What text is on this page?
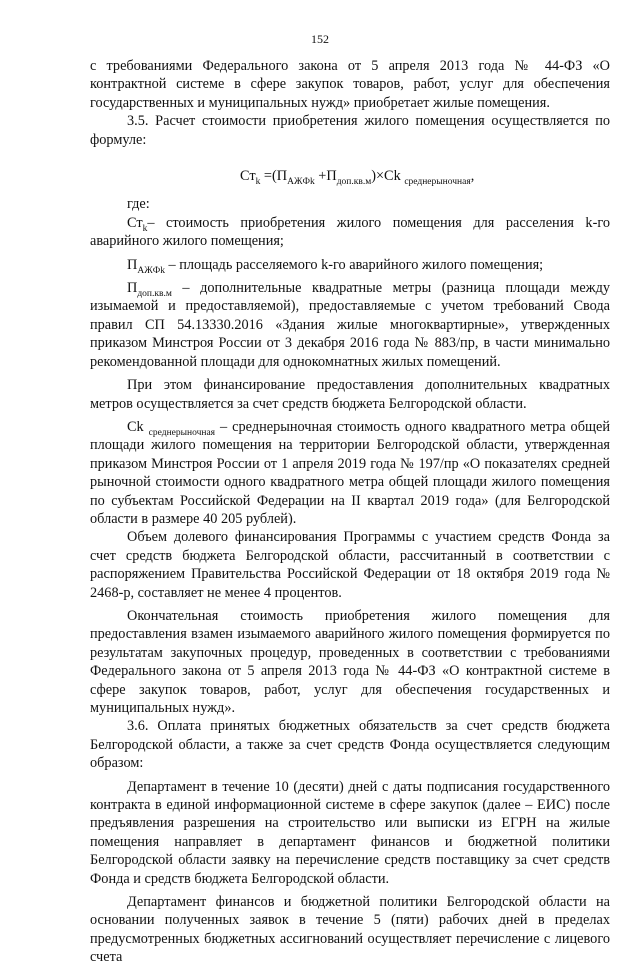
152

с требованиями Федерального закона от 5 апреля 2013 года № 44-ФЗ «О контрактной системе в сфере закупок товаров, работ, услуг для обеспечения государственных и муниципальных нужд» приобретает жилые помещения.

3.5. Расчет стоимости приобретения жилого помещения осуществляется по формуле:

$Ст_k =(П_{АЖФk} +П_{доп.кв.м})\times Ck$ $_{среднерыночная}$,

где:

$Ст_k-$ стоимость приобретения жилого помещения для расселения k-го аварийного жилого помещения;

$П_{АЖФk}$ – площадь расселяемого k-го аварийного жилого помещения;

$П_{доп.кв.м}$ – дополнительные квадратные метры (разница площади между изымаемой и предоставляемой), предоставляемые с учетом требований Свода правил СП 54.13330.2016 «Здания жилые многоквартирные», утвержденных приказом Минстроя России от 3 декабря 2016 года № 883/пр, в части минимально рекомендованной площади для однокомнатных жилых помещений.

При этом финансирование предоставления дополнительных квадратных метров осуществляется за счет средств бюджета Белгородской области.

Ck $_{среднерыночная}$ – среднерыночная стоимость одного квадратного метра общей площади жилого помещения на территории Белгородской области, утвержденная приказом Минстроя России от 1 апреля 2019 года № 197/пр «О показателях средней рыночной стоимости одного квадратного метра общей площади жилого помещения по субъектам Российской Федерации на II квартал 2019 года» (для Белгородской области в размере 40 205 рублей).

Объем долевого финансирования Программы с участием средств Фонда за счет средств бюджета Белгородской области, рассчитанный в соответствии с распоряжением Правительства Российской Федерации от 18 октября 2019 года № 2468-р, составляет не менее 4 процентов.

Окончательная стоимость приобретения жилого помещения для предоставления взамен изымаемого аварийного жилого помещения формируется по результатам закупочных процедур, проведенных в соответствии с требованиями Федерального закона от 5 апреля 2013 года № 44-ФЗ «О контрактной системе в сфере закупок товаров, работ, услуг для обеспечения государственных и муниципальных нужд».

3.6. Оплата принятых бюджетных обязательств за счет средств бюджета Белгородской области, а также за счет средств Фонда осуществляется следующим образом:

Департамент в течение 10 (десяти) дней с даты подписания государственного контракта в единой информационной системе в сфере закупок (далее – ЕИС) после предъявления разрешения на строительство или выписки из ЕГРН на жилые помещения направляет в департамент финансов и бюджетной политики Белгородской области заявку на перечисление средств поставщику за счет средств Фонда и средств бюджета Белгородской области.

Департамент финансов и бюджетной политики Белгородской области на основании полученных заявок в течение 5 (пяти) рабочих дней в пределах предусмотренных бюджетных ассигнований осуществляет перечисление с лицевого счета
